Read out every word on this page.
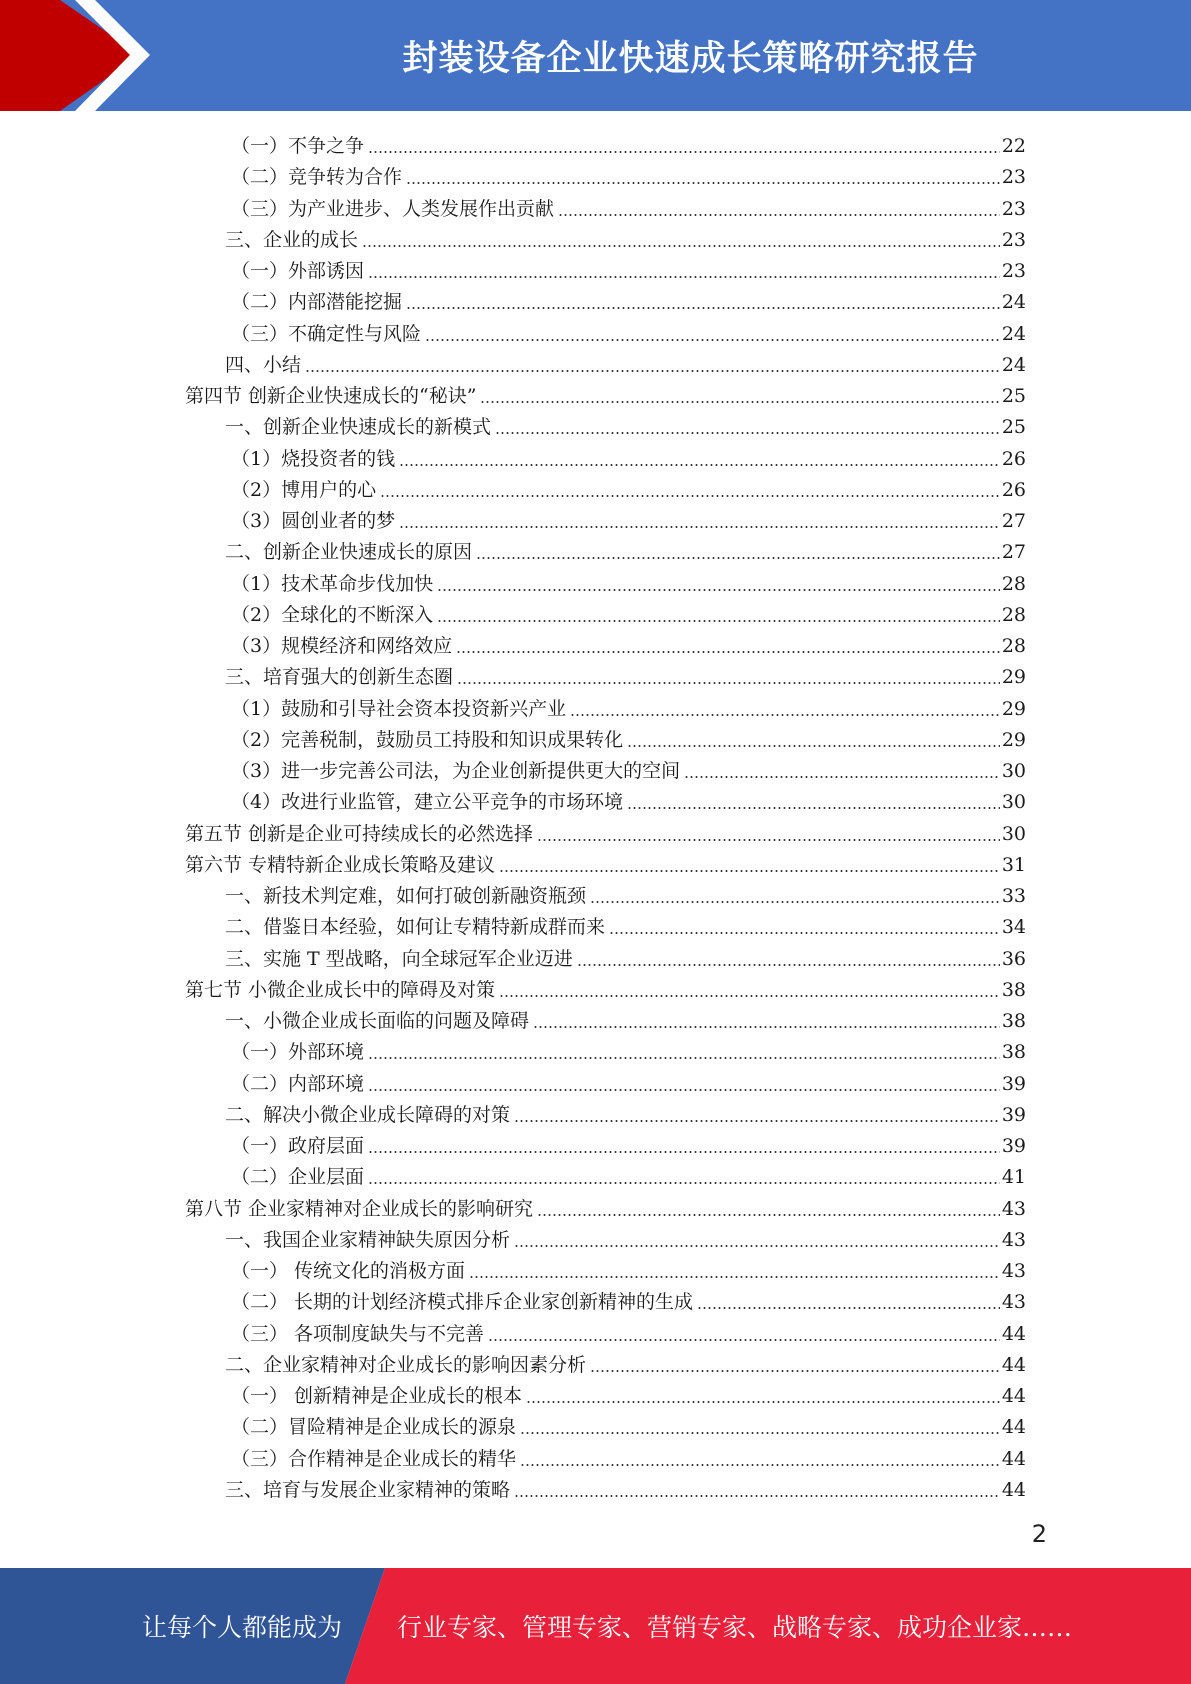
封装设备企业快速成长策略研究报告
（一）不争之争	22
（二）竞争转为合作	23
（三）为产业进步、人类发展作出贡献	23
三、企业的成长	23
（一）外部诱因	23
（二）内部潜能挖掘	24
（三）不确定性与风险	24
四、小结	24
第四节 创新企业快速成长的“秘诀”	25
一、创新企业快速成长的新模式	25
（1）烧投资者的钱	26
（2）博用户的心	26
（3）圆创业者的梦	27
二、创新企业快速成长的原因	27
（1）技术革命步伐加快	28
（2）全球化的不断深入	28
（3）规模经济和网络效应	28
三、培育强大的创新生态圈	29
（1）鼓励和引导社会资本投资新兴产业	29
（2）完善税制，鼓励员工持股和知识成果转化	29
（3）进一步完善公司法，为企业创新提供更大的空间	30
（4）改进行业监管，建立公平竞争的市场环境	30
第五节 创新是企业可持续成长的必然选择	30
第六节 专精特新企业成长策略及建议	31
一、新技术判定难，如何打破创新融资瓶颈	33
二、借鉴日本经验，如何让专精特新成群而来	34
三、实施 T 型战略，向全球冠军企业迈进	36
第七节 小微企业成长中的障碍及对策	38
一、小微企业成长面临的问题及障碍	38
（一）外部环境	38
（二）内部环境	39
二、解决小微企业成长障碍的对策	39
（一）政府层面	39
（二）企业层面	41
第八节 企业家精神对企业成长的影响研究	43
一、我国企业家精神缺失原因分析	43
（一） 传统文化的消极方面	43
（二） 长期的计划经济模式排斥企业家创新精神的生成	43
（三） 各项制度缺失与不完善	44
二、企业家精神对企业成长的影响因素分析	44
（一） 创新精神是企业成长的根本	44
（二）冒险精神是企业成长的源泉	44
（三）合作精神是企业成长的精华	44
三、培育与发展企业家精神的策略	44
2
让每个人都能成为 行业专家、管理专家、营销专家、战略专家、成功企业家……
